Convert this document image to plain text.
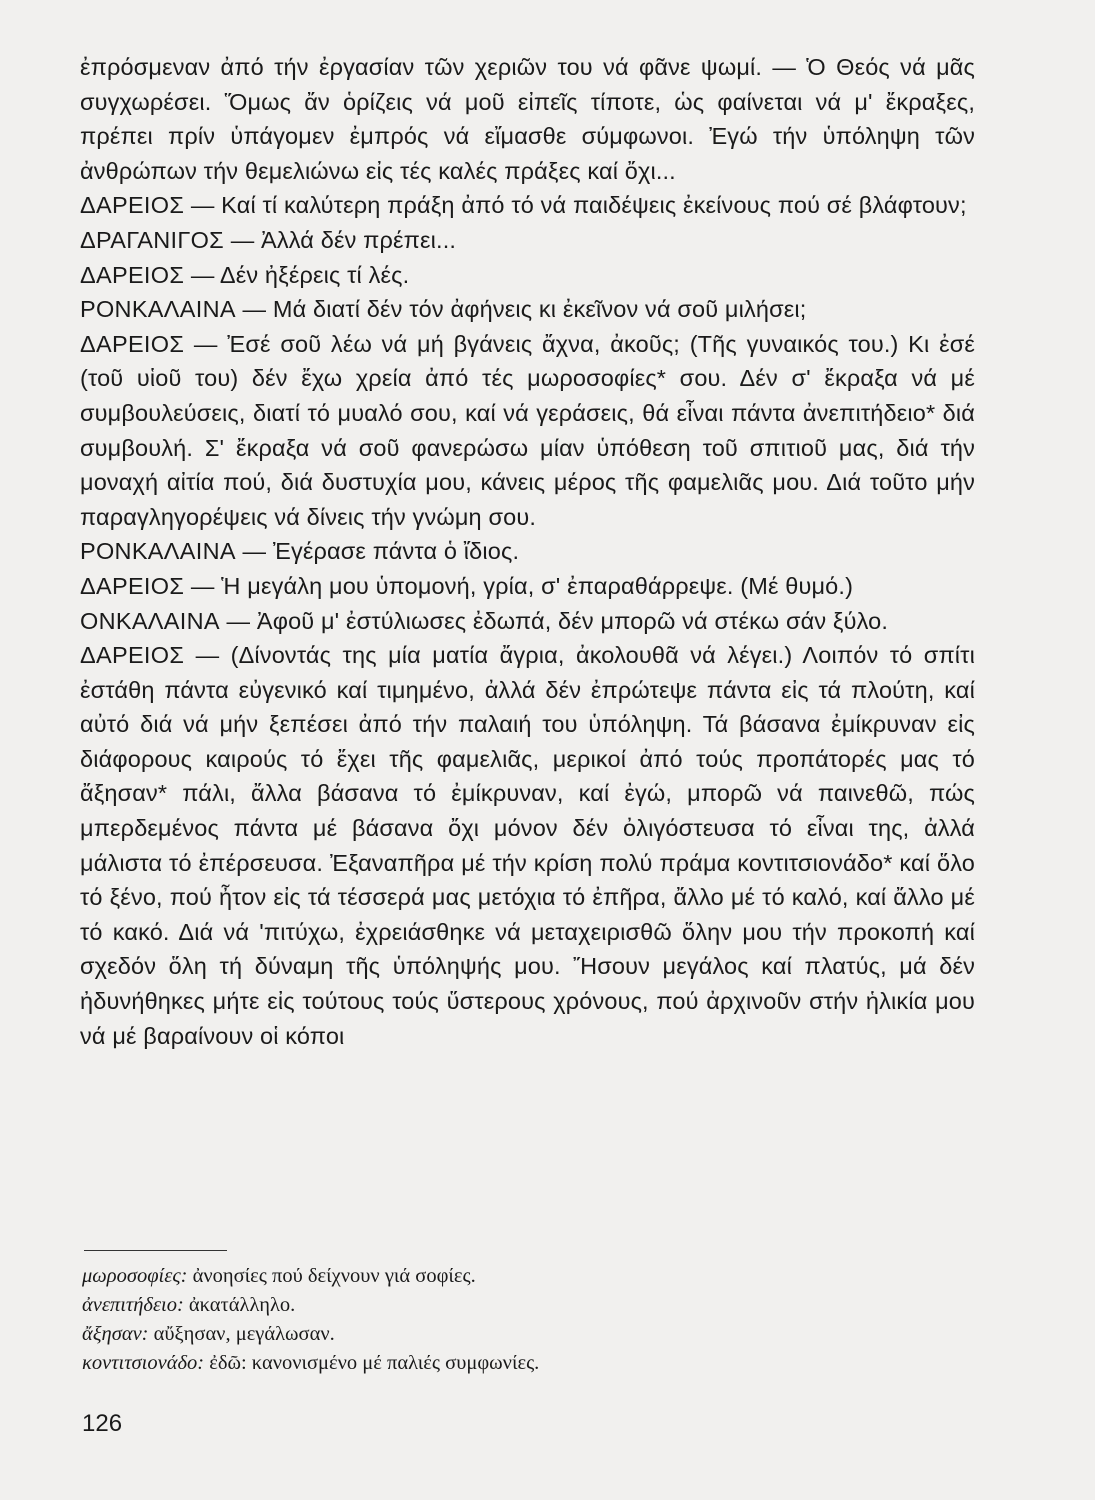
ἐπρόσμεναν ἀπό τήν ἐργασίαν τῶν χεριῶν του νά φᾶνε ψωμί. — Ὁ Θεός νά μᾶς συγχωρέσει. Ὅμως ἄν ὁρίζεις νά μοῦ εἰπεῖς τίποτε, ὡς φαίνεται νά μ' ἔκραξες, πρέπει πρίν ὑπάγομεν ἐμπρός νά εἴμασθε σύμφωνοι. Ἐγώ τήν ὑπόληψη τῶν ἀνθρώπων τήν θεμελιώνω εἰς τές καλές πράξες καί ὄχι...

ΔΑΡΕΙΟΣ — Καί τί καλύτερη πράξη ἀπό τό νά παιδέψεις ἐκείνους πού σέ βλάφτουν;

ΔΡΑΓΑΝΙΓΟΣ — Ἀλλά δέν πρέπει...

ΔΑΡΕΙΟΣ — Δέν ἠξέρεις τί λές.

ΡΟΝΚΑΛΑΙΝΑ — Μά διατί δέν τόν ἀφήνεις κι ἐκεῖνον νά σοῦ μιλήσει;

ΔΑΡΕΙΟΣ — Ἐσέ σοῦ λέω νά μή βγάνεις ἄχνα, ἀκοῦς; (Τῆς γυναικός του.) Κι ἐσέ (τοῦ υἱοῦ του) δέν ἔχω χρεία ἀπό τές μωροσοφίες* σου. Δέν σ' ἔκραξα νά μέ συμβουλεύσεις, διατί τό μυαλό σου, καί νά γεράσεις, θά εἶναι πάντα ἀνεπιτήδειο* διά συμβουλή. Σ' ἔκραξα νά σοῦ φανερώσω μίαν ὑπόθεση τοῦ σπιτιοῦ μας, διά τήν μοναχή αἰτία πού, διά δυστυχία μου, κάνεις μέρος τῆς φαμελιᾶς μου. Διά τοῦτο μήν παραγληγορέψεις νά δίνεις τήν γνώμη σου.

ΡΟΝΚΑΛΑΙΝΑ — Ἐγέρασε πάντα ὁ ἴδιος.

ΔΑΡΕΙΟΣ — Ἡ μεγάλη μου ὑπομονή, γρία, σ' ἐπαραθάρρεψε. (Μέ θυμό.)

ΟΝΚΑΛΑΙΝΑ — Ἀφοῦ μ' ἐστύλιωσες ἐδωπά, δέν μπορῶ νά στέκω σάν ξύλο.

ΔΑΡΕΙΟΣ — (Δίνοντάς της μία ματία ἄγρια, ἀκολουθᾶ νά λέγει.) Λοιπόν τό σπίτι ἐστάθη πάντα εὐγενικό καί τιμημένο, ἀλλά δέν ἐπρώτεψε πάντα εἰς τά πλούτη, καί αὐτό διά νά μήν ξεπέσει ἀπό τήν παλαιή του ὑπόληψη. Τά βάσανα ἐμίκρυναν εἰς διάφορους καιρούς τό ἔχει τῆς φαμελιᾶς, μερικοί ἀπό τούς προπάτορές μας τό ἄξησαν* πάλι, ἄλλα βάσανα τό ἐμίκρυναν, καί ἐγώ, μπορῶ νά παινεθῶ, πώς μπερδεμένος πάντα μέ βάσανα ὄχι μόνον δέν ὀλιγόστευσα τό εἶναι της, ἀλλά μάλιστα τό ἐπέρσευσα. Ἐξαναπῆρα μέ τήν κρίση πολύ πράμα κοντιτσιονάδο* καί ὅλο τό ξένο, πού ἦτον εἰς τά τέσσερά μας μετόχια τό ἐπῆρα, ἄλλο μέ τό καλό, καί ἄλλο μέ τό κακό. Διά νά 'πιτύχω, ἐχρειάσθηκε νά μεταχειρισθῶ ὅλην μου τήν προκοπή καί σχεδόν ὅλη τή δύναμη τῆς ὑπόληψής μου. Ἤσουν μεγάλος καί πλατύς, μά δέν ἠδυνήθηκες μήτε εἰς τούτους τούς ὕστερους χρόνους, πού ἀρχινοῦν στήν ἡλικία μου νά μέ βαραίνουν οἱ κόποι

μωροσοφίες: ἀνοησίες πού δείχνουν γιά σοφίες.

ἀνεπιτήδειο: ἀκατάλληλο.

ἄξησαν: αὔξησαν, μεγάλωσαν.

κοντιτσιονάδο: ἐδῶ: κανονισμένο μέ παλιές συμφωνίες.

126
